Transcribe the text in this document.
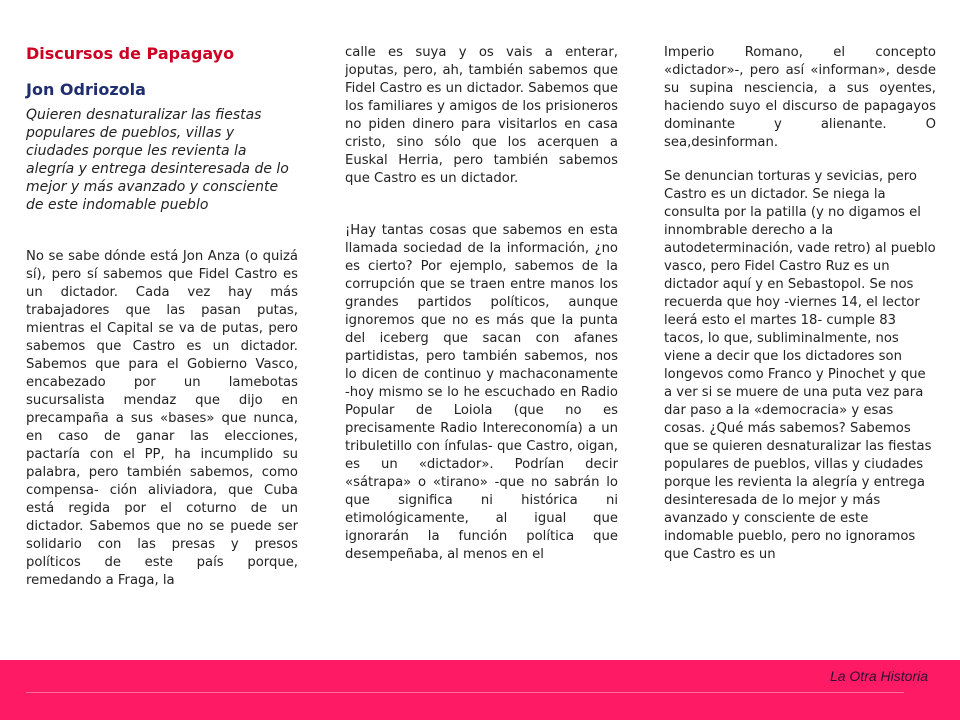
Discursos de Papagayo
Jon Odriozola

Quieren desnaturalizar las fiestas populares de pueblos, villas y ciudades porque les revienta la alegría y entrega desinteresada de lo mejor y más avanzado y consciente de este indomable pueblo

No se sabe dónde está Jon Anza (o quizá sí), pero sí sabemos que Fidel Castro es un dictador. Cada vez hay más trabajadores que las pasan putas, mientras el Capital se va de putas, pero sabemos que Castro es un dictador. Sabemos que para el Gobierno Vasco, encabezado por un lamebotas sucursalista mendaz que dijo en precampaña a sus «bases» que nunca, en caso de ganar las elecciones, pactaría con el PP, ha incumplido su palabra, pero también sabemos, como compensa- ción aliviadora, que Cuba está regida por el coturno de un dictador. Sabemos que no se puede ser solidario con las presas y presos políticos de este país porque, remedando a Fraga, la

calle es suya y os vais a enterar, joputas, pero, ah, también sabemos que Fidel Castro es un dictador. Sabemos que los familiares y amigos de los prisioneros no piden dinero para visitarlos en casa cristo, sino sólo que los acerquen a Euskal Herria, pero también sabemos que Castro es un dictador.

¡Hay tantas cosas que sabemos en esta llamada sociedad de la información, ¿no es cierto? Por ejemplo, sabemos de la corrupción que se traen entre manos los grandes partidos políticos, aunque ignoremos que no es más que la punta del iceberg que sacan con afanes partidistas, pero también sabemos, nos lo dicen de continuo y machaconamente -hoy mismo se lo he escuchado en Radio Popular de Loiola (que no es precisamente Radio Intereconomía) a un tribuletillo con ínfulas- que Castro, oigan, es un «dictador». Podrían decir «sátrapa» o «tirano» -que no sabrán lo que significa ni histórica ni etimológicamente, al igual que ignorarán la función política que desempeñaba, al menos en el

Imperio Romano, el concepto «dictador»-, pero así «informan», desde su supina nesciencia, a sus oyentes, haciendo suyo el discurso de papagayos dominante y alienante. O sea,desinforman.

Se denuncian torturas y sevicias, pero Castro es un dictador. Se niega la consulta por la patilla (y no digamos el innombrable derecho a la autodeterminación, vade retro) al pueblo vasco, pero Fidel Castro Ruz es un dictador aquí y en Sebastopol. Se nos recuerda que hoy -viernes 14, el lector leerá esto el martes 18- cumple 83 tacos, lo que, subliminalmente, nos viene a decir que los dictadores son longevos como Franco y Pinochet y que a ver si se muere de una puta vez para dar paso a la «democracia» y esas cosas. ¿Qué más sabemos? Sabemos que se quieren desnaturalizar las fiestas populares de pueblos, villas y ciudades porque les revienta la alegría y entrega desinteresada de lo mejor y más avanzado y consciente de este indomable pueblo, pero no ignoramos que Castro es un

La Otra Historia
